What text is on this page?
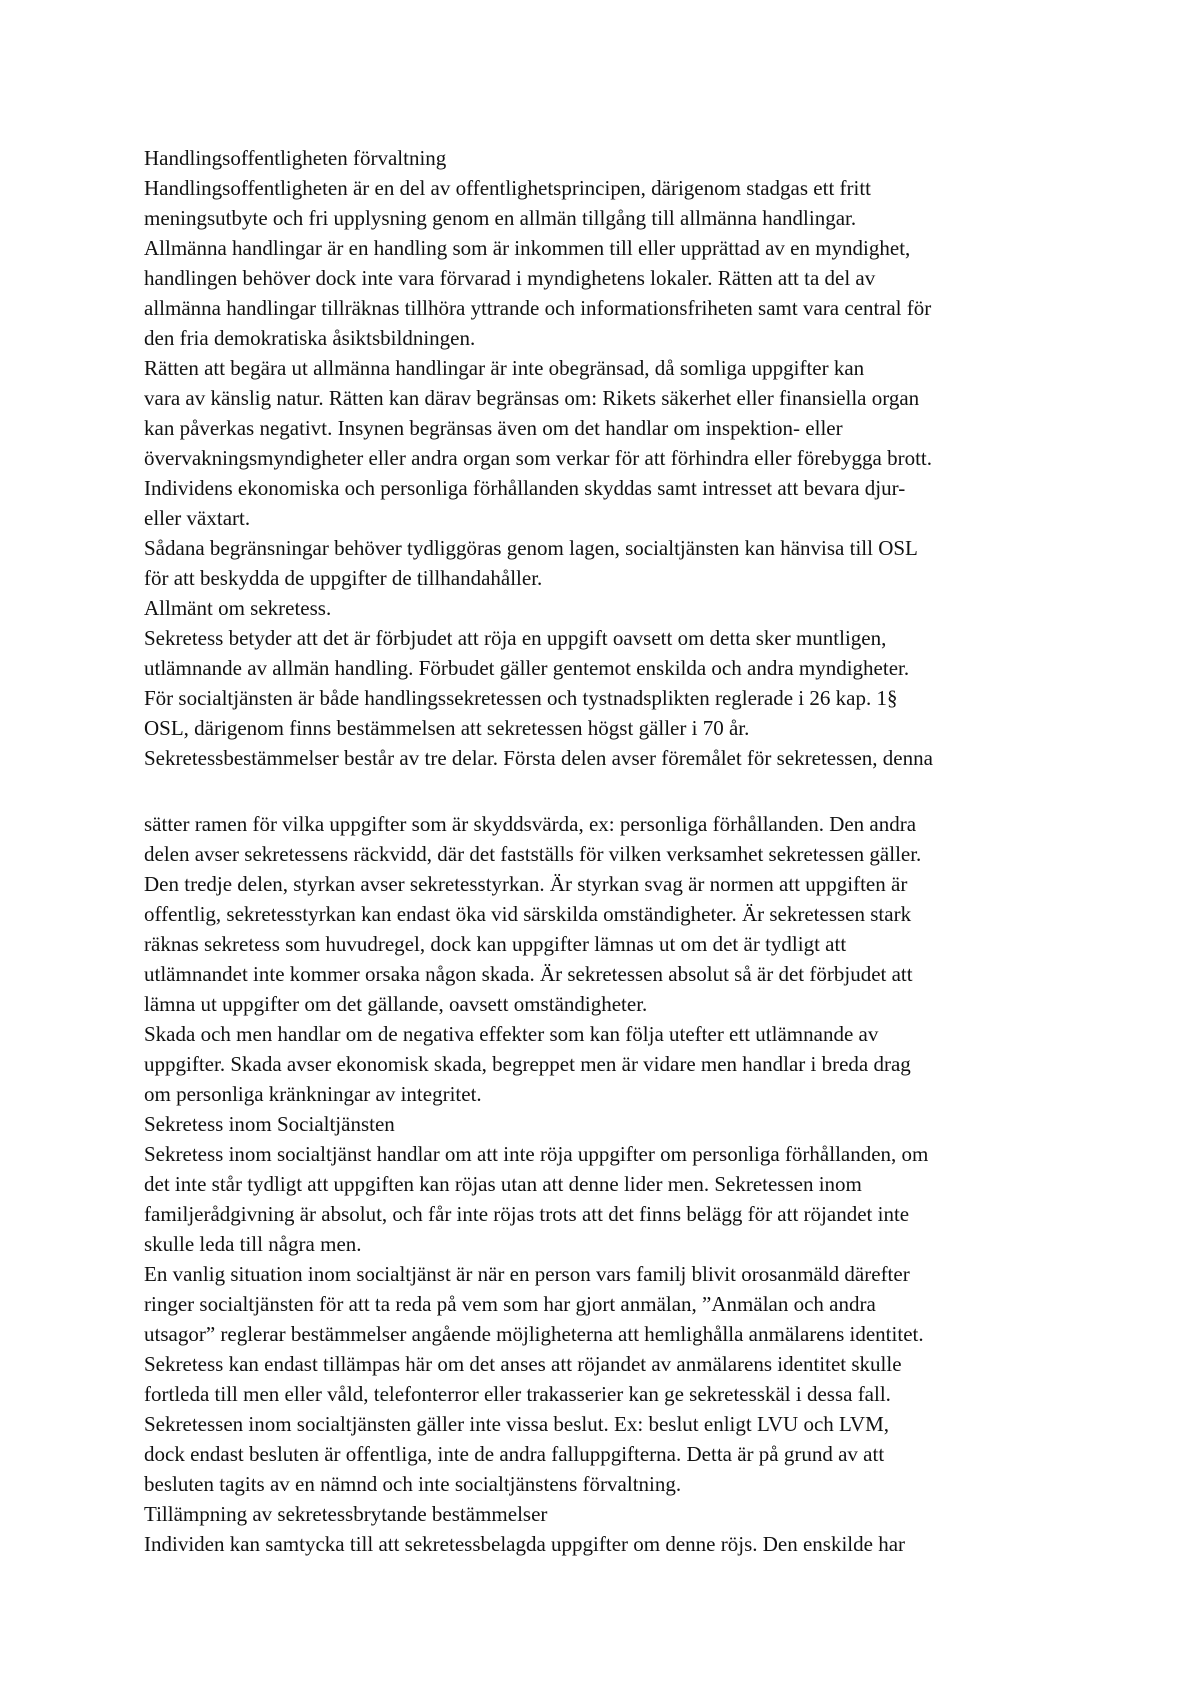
Handlingsoffentligheten förvaltning
Handlingsoffentligheten är en del av offentlighetsprincipen, därigenom stadgas ett fritt
meningsutbyte och fri upplysning genom en allmän tillgång till allmänna handlingar.
Allmänna handlingar är en handling som är inkommen till eller upprättad av en myndighet,
handlingen behöver dock inte vara förvarad i myndighetens lokaler. Rätten att ta del av
allmänna handlingar tillräknas tillhöra yttrande och informationsfriheten samt vara central för
den fria demokratiska åsiktsbildningen.
Rätten att begära ut allmänna handlingar är inte obegränsad, då somliga uppgifter kan
vara av känslig natur. Rätten kan därav begränsas om: Rikets säkerhet eller finansiella organ
kan påverkas negativt. Insynen begränsas även om det handlar om inspektion- eller
övervakningsmyndigheter eller andra organ som verkar för att förhindra eller förebygga brott.
Individens ekonomiska och personliga förhållanden skyddas samt intresset att bevara djur-
eller växtart.
Sådana begränsningar behöver tydliggöras genom lagen, socialtjänsten kan hänvisa till OSL
för att beskydda de uppgifter de tillhandahåller.
Allmänt om sekretess.
Sekretess betyder att det är förbjudet att röja en uppgift oavsett om detta sker muntligen,
utlämnande av allmän handling. Förbudet gäller gentemot enskilda och andra myndigheter.
För socialtjänsten är både handlingssekretessen och tystnadsplikten reglerade i 26 kap. 1§
OSL, därigenom finns bestämmelsen att sekretessen högst gäller i 70 år.
Sekretessbestämmelser består av tre delar. Första delen avser föremålet för sekretessen, denna
sätter ramen för vilka uppgifter som är skyddsvärda, ex: personliga förhållanden. Den andra
delen avser sekretessens räckvidd, där det fastställs för vilken verksamhet sekretessen gäller.
Den tredje delen, styrkan avser sekretesstyrkan. Är styrkan svag är normen att uppgiften är
offentlig, sekretesstyrkan kan endast öka vid särskilda omständigheter. Är sekretessen stark
räknas sekretess som huvudregel, dock kan uppgifter lämnas ut om det är tydligt att
utlämnandet inte kommer orsaka någon skada. Är sekretessen absolut så är det förbjudet att
lämna ut uppgifter om det gällande, oavsett omständigheter.
Skada och men handlar om de negativa effekter som kan följa utefter ett utlämnande av
uppgifter. Skada avser ekonomisk skada, begreppet men är vidare men handlar i breda drag
om personliga kränkningar av integritet.
Sekretess inom Socialtjänsten
Sekretess inom socialtjänst handlar om att inte röja uppgifter om personliga förhållanden, om
det inte står tydligt att uppgiften kan röjas utan att denne lider men. Sekretessen inom
familjerådgivning är absolut, och får inte röjas trots att det finns belägg för att röjandet inte
skulle leda till några men.
En vanlig situation inom socialtjänst är när en person vars familj blivit orosanmäld därefter
ringer socialtjänsten för att ta reda på vem som har gjort anmälan, ”Anmälan och andra
utsagor” reglerar bestämmelser angående möjligheterna att hemlighålla anmälarens identitet.
Sekretess kan endast tillämpas här om det anses att röjandet av anmälarens identitet skulle
fortleda till men eller våld, telefonterror eller trakasserier kan ge sekretesskäl i dessa fall.
Sekretessen inom socialtjänsten gäller inte vissa beslut. Ex: beslut enligt LVU och LVM,
dock endast besluten är offentliga, inte de andra falluppgifterna. Detta är på grund av att
besluten tagits av en nämnd och inte socialtjänstens förvaltning.
Tillämpning av sekretessbrytande bestämmelser
Individen kan samtycka till att sekretessbelagda uppgifter om denne röjs. Den enskilde har
